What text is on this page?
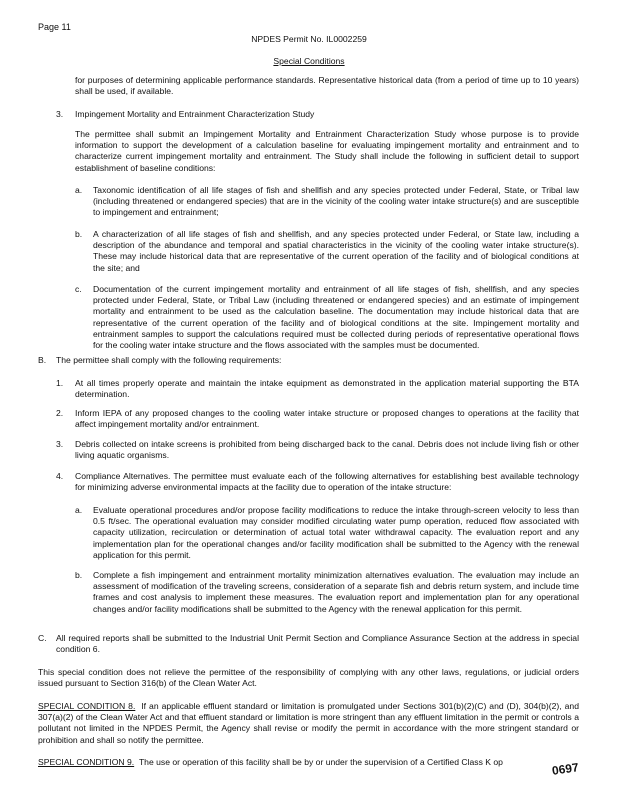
Page 11
NPDES Permit No. IL0002259
Special Conditions

for purposes of determining applicable performance standards. Representative historical data (from a period of time up to 10 years) shall be used, if available.

3. Impingement Mortality and Entrainment Characterization Study

The permittee shall submit an Impingement Mortality and Entrainment Characterization Study whose purpose is to provide information to support the development of a calculation baseline for evaluating impingement mortality and entrainment and to characterize current impingement mortality and entrainment. The Study shall include the following in sufficient detail to support establishment of baseline conditions:

a. Taxonomic identification of all life stages of fish and shellfish and any species protected under Federal, State, or Tribal law (including threatened or endangered species) that are in the vicinity of the cooling water intake structure(s) and are susceptible to impingement and entrainment;

b. A characterization of all life stages of fish and shellfish, and any species protected under Federal, or State law, including a description of the abundance and temporal and spatial characteristics in the vicinity of the cooling water intake structure(s). These may include historical data that are representative of the current operation of the facility and of biological conditions at the site; and

c. Documentation of the current impingement mortality and entrainment of all life stages of fish, shellfish, and any species protected under Federal, State, or Tribal Law (including threatened or endangered species) and an estimate of impingement mortality and entrainment to be used as the calculation baseline. The documentation may include historical data that are representative of the current operation of the facility and of biological conditions at the site. Impingement mortality and entrainment samples to support the calculations required must be collected during periods of representative operational flows for the cooling water intake structure and the flows associated with the samples must be documented.

B. The permittee shall comply with the following requirements:
1. At all times properly operate and maintain the intake equipment as demonstrated in the application material supporting the BTA determination.

2. Inform IEPA of any proposed changes to the cooling water intake structure or proposed changes to operations at the facility that affect impingement mortality and/or entrainment.

3. Debris collected on intake screens is prohibited from being discharged back to the canal. Debris does not include living fish or other living aquatic organisms.

4. Compliance Alternatives. The permittee must evaluate each of the following alternatives for establishing best available technology for minimizing adverse environmental impacts at the facility due to operation of the intake structure:

a. Evaluate operational procedures and/or propose facility modifications to reduce the intake through-screen velocity to less than 0.5 ft/sec. The operational evaluation may consider modified circulating water pump operation, reduced flow associated with capacity utilization, recirculation or determination of actual total water withdrawal capacity. The evaluation report and any implementation plan for the operational changes and/or facility modification shall be submitted to the Agency with the renewal application for this permit.

b. Complete a fish impingement and entrainment mortality minimization alternatives evaluation. The evaluation may include an assessment of modification of the traveling screens, consideration of a separate fish and debris return system, and include time frames and cost analysis to implement these measures. The evaluation report and implementation plan for any operational changes and/or facility modifications shall be submitted to the Agency with the renewal application for this permit.

C. All required reports shall be submitted to the Industrial Unit Permit Section and Compliance Assurance Section at the address in special condition 6.

This special condition does not relieve the permittee of the responsibility of complying with any other laws, regulations, or judicial orders issued pursuant to Section 316(b) of the Clean Water Act.

SPECIAL CONDITION 8. If an applicable effluent standard or limitation is promulgated under Sections 301(b)(2)(C) and (D), 304(b)(2), and 307(a)(2) of the Clean Water Act and that effluent standard or limitation is more stringent than any effluent limitation in the permit or controls a pollutant not limited in the NPDES Permit, the Agency shall revise or modify the permit in accordance with the more stringent standard or prohibition and shall so notify the permittee.

SPECIAL CONDITION 9. The use or operation of this facility shall be by or under the supervision of a Certified Class K op	0697
